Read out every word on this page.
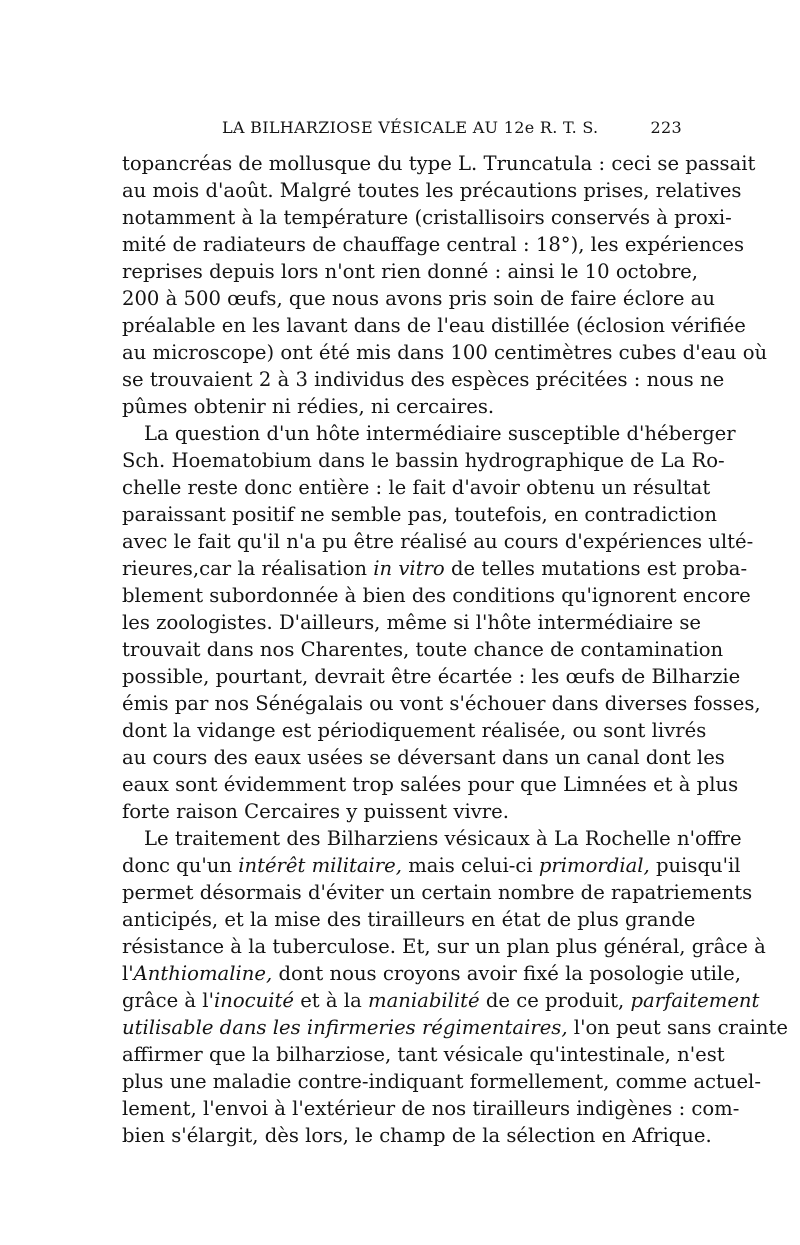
LA BILHARZIOSE VÉSICALE AU 12e R. T. S.	223
topancréas de mollusque du type L. Truncatula : ceci se passait
au mois d'août. Malgré toutes les précautions prises, relatives
notamment à la température (cristallisoirs conservés à proxi-
mité de radiateurs de chauffage central : 18°), les expériences
reprises depuis lors n'ont rien donné : ainsi le 10 octobre,
200 à 500 œufs, que nous avons pris soin de faire éclore au
préalable en les lavant dans de l'eau distillée (éclosion vérifiée
au microscope) ont été mis dans 100 centimètres cubes d'eau où
se trouvaient 2 à 3 individus des espèces précitées : nous ne
pûmes obtenir ni rédies, ni cercaires.
La question d'un hôte intermédiaire susceptible d'héberger
Sch. Hoematobium dans le bassin hydrographique de La Ro-
chelle reste donc entière : le fait d'avoir obtenu un résultat
paraissant positif ne semble pas, toutefois, en contradiction
avec le fait qu'il n'a pu être réalisé au cours d'expériences ulté-
rieures,car la réalisation in vitro de telles mutations est proba-
blement subordonnée à bien des conditions qu'ignorent encore
les zoologistes. D'ailleurs, même si l'hôte intermédiaire se
trouvait dans nos Charentes, toute chance de contamination
possible, pourtant, devrait être écartée : les œufs de Bilharzie
émis par nos Sénégalais ou vont s'échouer dans diverses fosses,
dont la vidange est périodiquement réalisée, ou sont livrés
au cours des eaux usées se déversant dans un canal dont les
eaux sont évidemment trop salées pour que Limnées et à plus
forte raison Cercaires y puissent vivre.
Le traitement des Bilharziens vésicaux à La Rochelle n'offre
donc qu'un intérêt militaire, mais celui-ci primordial, puisqu'il
permet désormais d'éviter un certain nombre de rapatriements
anticipés, et la mise des tirailleurs en état de plus grande
résistance à la tuberculose. Et, sur un plan plus général, grâce à
l'Anthiomaline, dont nous croyons avoir fixé la posologie utile,
grâce à l'inocuité et à la maniabilité de ce produit, parfaitement
utilisable dans les infirmeries régimentaires, l'on peut sans crainte
affirmer que la bilharziose, tant vésicale qu'intestinale, n'est
plus une maladie contre-indiquant formellement, comme actuel-
lement, l'envoi à l'extérieur de nos tirailleurs indigènes : com-
bien s'élargit, dès lors, le champ de la sélection en Afrique.
